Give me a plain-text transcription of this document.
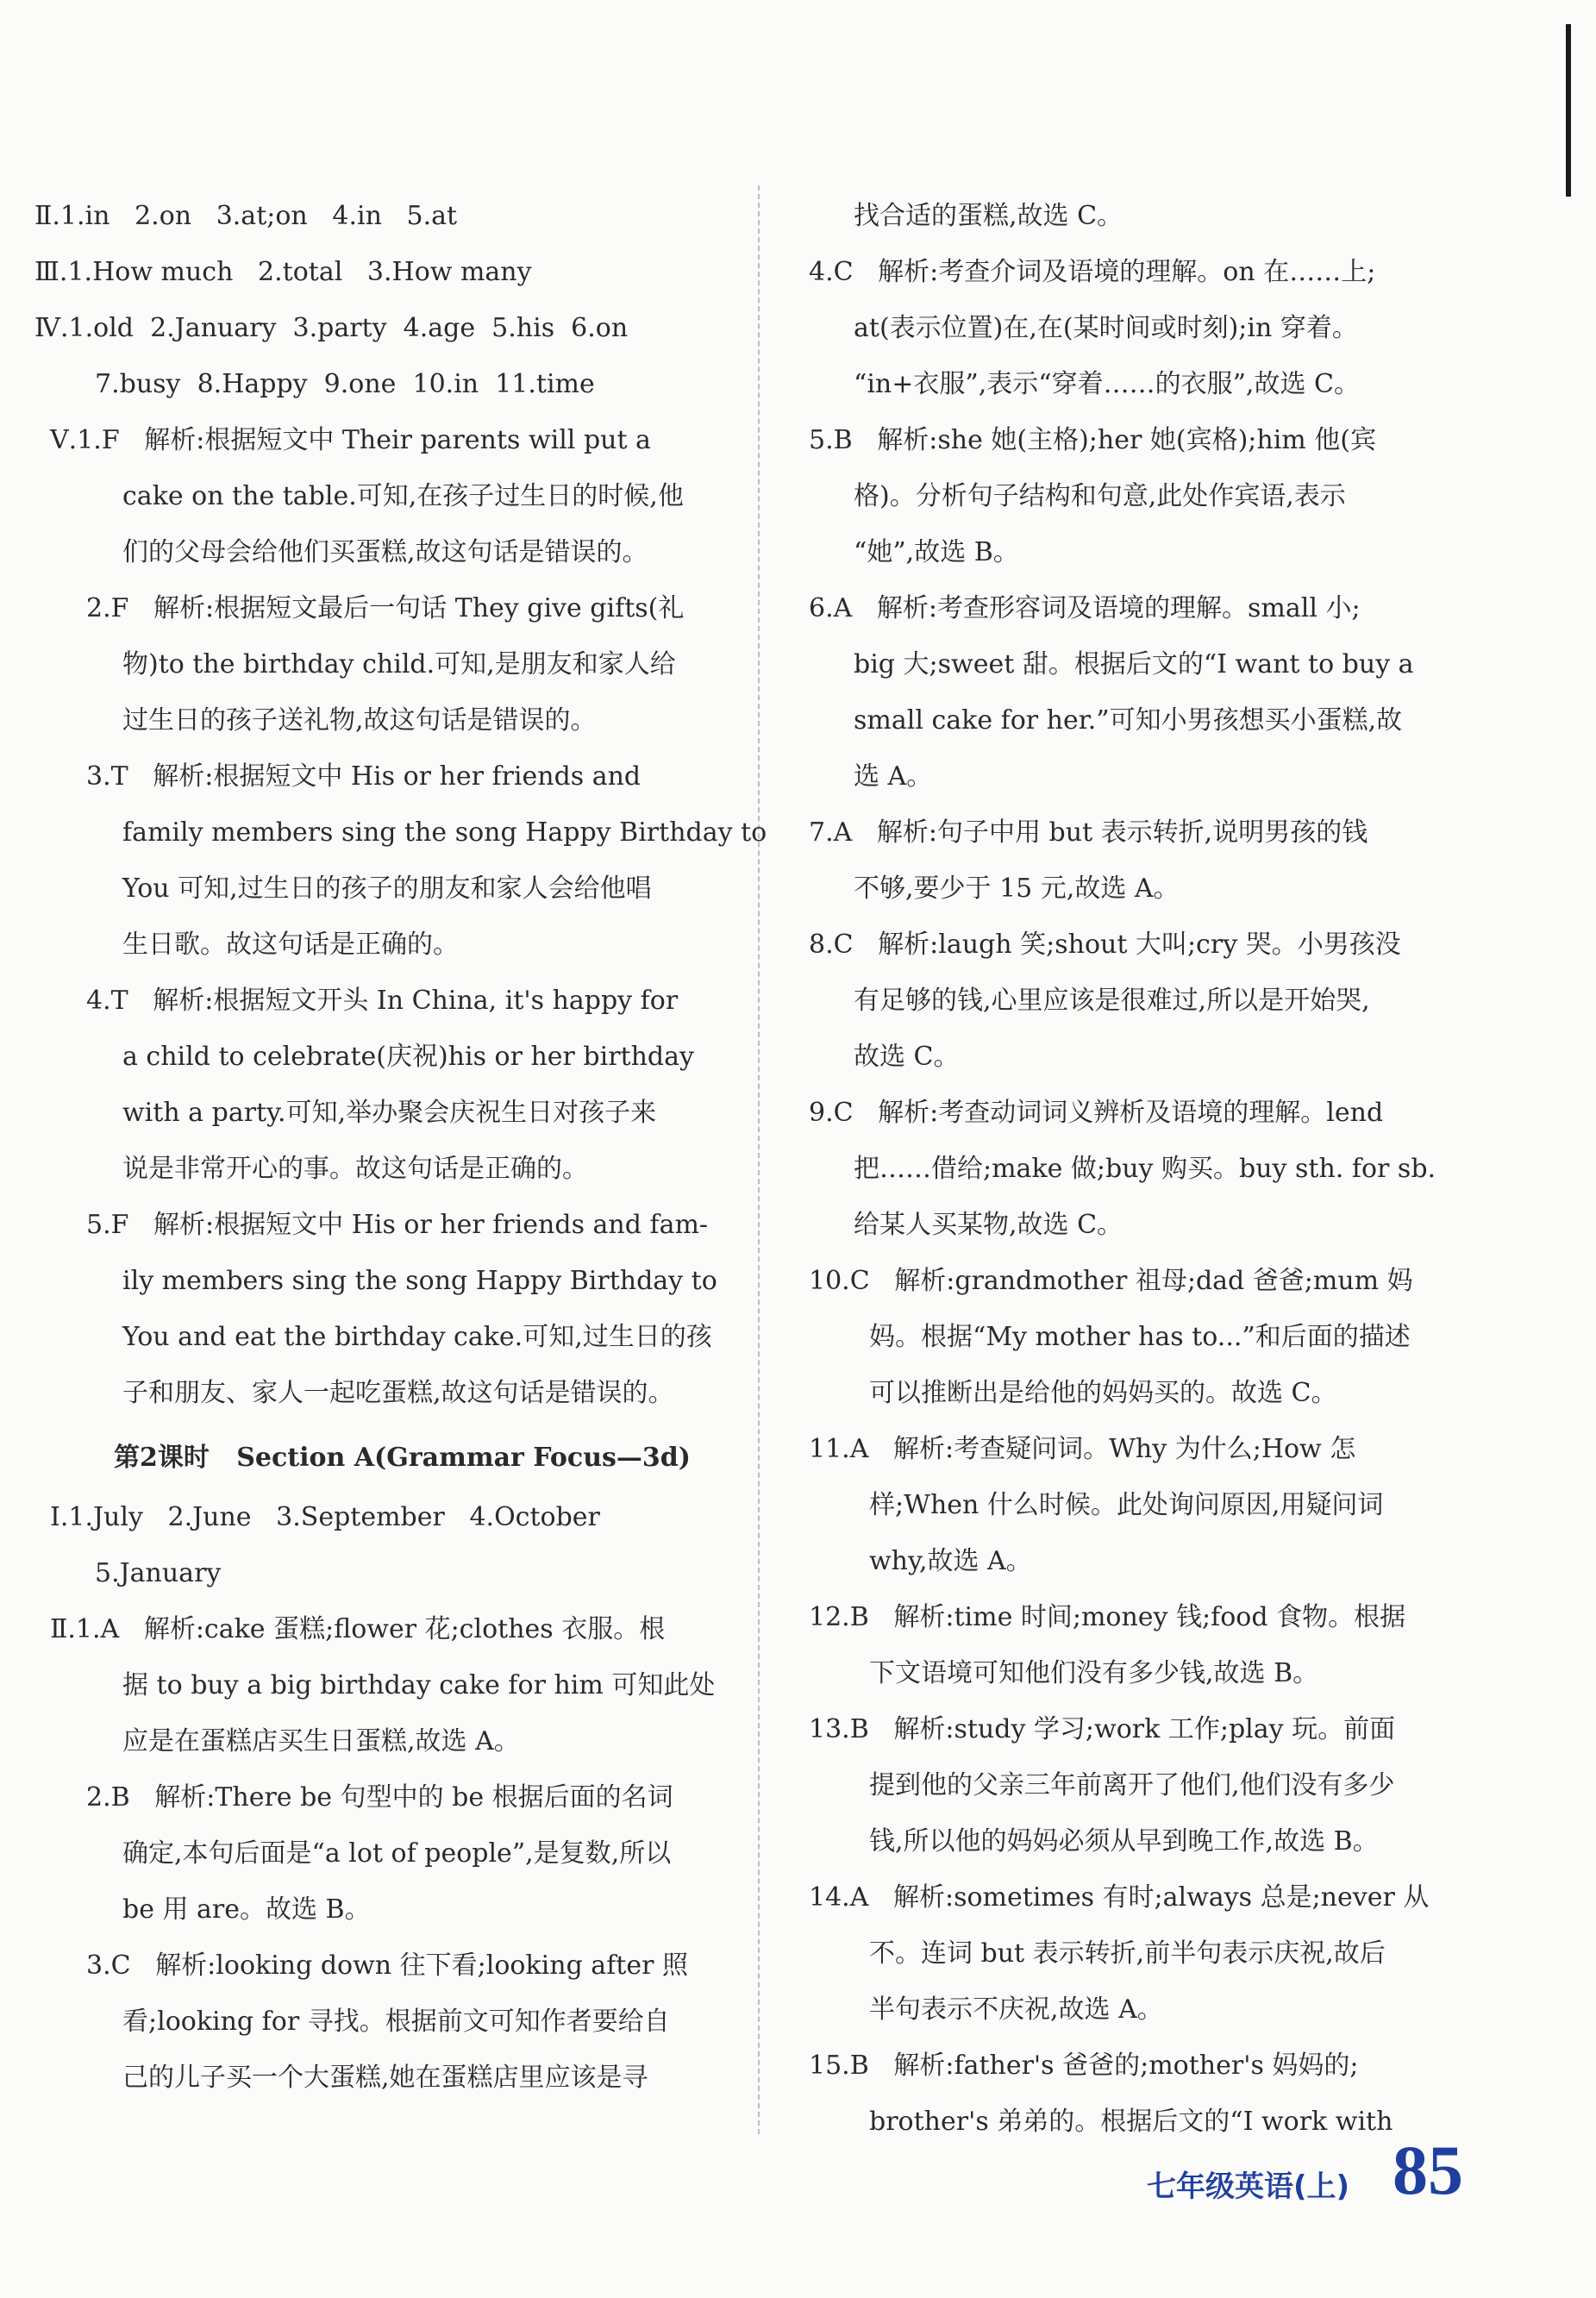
Ⅱ.1.in   2.on   3.at;on   4.in   5.at
Ⅲ.1.How much   2.total   3.How many
Ⅳ.1.old  2.January  3.party  4.age  5.his  6.on
7.busy  8.Happy  9.one  10.in  11.time
Ⅴ.1.F   解析:根据短文中 Their parents will put a
cake on the table.可知,在孩子过生日的时候,他
们的父母会给他们买蛋糕,故这句话是错误的。
2.F   解析:根据短文最后一句话 They give gifts(礼
物)to the birthday child.可知,是朋友和家人给
过生日的孩子送礼物,故这句话是错误的。
3.T   解析:根据短文中 His or her friends and
family members sing the song Happy Birthday to
You 可知,过生日的孩子的朋友和家人会给他唱
生日歌。故这句话是正确的。
4.T   解析:根据短文开头 In China, it's happy for
a child to celebrate(庆祝)his or her birthday
with a party.可知,举办聚会庆祝生日对孩子来
说是非常开心的事。故这句话是正确的。
5.F   解析:根据短文中 His or her friends and fam-
ily members sing the song Happy Birthday to
You and eat the birthday cake.可知,过生日的孩
子和朋友、家人一起吃蛋糕,故这句话是错误的。
第2课时   Section A(Grammar Focus—3d)
Ⅰ.1.July   2.June   3.September   4.October
5.January
Ⅱ.1.A   解析:cake 蛋糕;flower 花;clothes 衣服。根
据 to buy a big birthday cake for him 可知此处
应是在蛋糕店买生日蛋糕,故选 A。
2.B   解析:There be 句型中的 be 根据后面的名词
确定,本句后面是“a lot of people”,是复数,所以
be 用 are。故选 B。
3.C   解析:looking down 往下看;looking after 照
看;looking for 寻找。根据前文可知作者要给自
己的儿子买一个大蛋糕,她在蛋糕店里应该是寻
找合适的蛋糕,故选 C。
4.C   解析:考查介词及语境的理解。on 在……上;
at(表示位置)在,在(某时间或时刻);in 穿着。
“in+衣服”,表示“穿着……的衣服”,故选 C。
5.B   解析:she 她(主格);her 她(宾格);him 他(宾
格)。分析句子结构和句意,此处作宾语,表示
“她”,故选 B。
6.A   解析:考查形容词及语境的理解。small 小;
big 大;sweet 甜。根据后文的“I want to buy a
small cake for her.”可知小男孩想买小蛋糕,故
选 A。
7.A   解析:句子中用 but 表示转折,说明男孩的钱
不够,要少于 15 元,故选 A。
8.C   解析:laugh 笑;shout 大叫;cry 哭。小男孩没
有足够的钱,心里应该是很难过,所以是开始哭,
故选 C。
9.C   解析:考查动词词义辨析及语境的理解。lend
把……借给;make 做;buy 购买。buy sth. for sb.
给某人买某物,故选 C。
10.C   解析:grandmother 祖母;dad 爸爸;mum 妈
妈。根据“My mother has to...”和后面的描述
可以推断出是给他的妈妈买的。故选 C。
11.A   解析:考查疑问词。Why 为什么;How 怎
样;When 什么时候。此处询问原因,用疑问词
why,故选 A。
12.B   解析:time 时间;money 钱;food 食物。根据
下文语境可知他们没有多少钱,故选 B。
13.B   解析:study 学习;work 工作;play 玩。前面
提到他的父亲三年前离开了他们,他们没有多少
钱,所以他的妈妈必须从早到晚工作,故选 B。
14.A   解析:sometimes 有时;always 总是;never 从
不。连词 but 表示转折,前半句表示庆祝,故后
半句表示不庆祝,故选 A。
15.B   解析:father's 爸爸的;mother's 妈妈的;
brother's 弟弟的。根据后文的“I work with
七年级英语(上) 85
